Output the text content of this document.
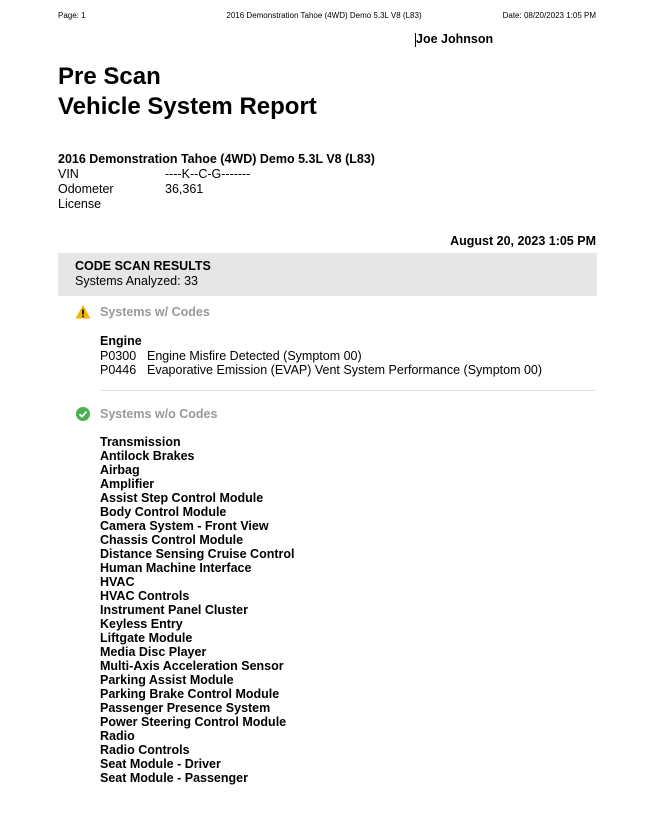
Page: 1	2016 Demonstration Tahoe (4WD) Demo 5.3L V8 (L83)	Date: 08/20/2023 1:05 PM
Joe Johnson
Pre Scan
Vehicle System Report
2016 Demonstration Tahoe (4WD) Demo 5.3L V8 (L83)
VIN	----K--C-G-------
Odometer	36,361
License
August 20, 2023 1:05 PM
CODE SCAN RESULTS
Systems Analyzed: 33
Systems w/ Codes
Engine
P0300 Engine Misfire Detected (Symptom 00)
P0446 Evaporative Emission (EVAP) Vent System Performance (Symptom 00)
Systems w/o Codes
Transmission
Antilock Brakes
Airbag
Amplifier
Assist Step Control Module
Body Control Module
Camera System - Front View
Chassis Control Module
Distance Sensing Cruise Control
Human Machine Interface
HVAC
HVAC Controls
Instrument Panel Cluster
Keyless Entry
Liftgate Module
Media Disc Player
Multi-Axis Acceleration Sensor
Parking Assist Module
Parking Brake Control Module
Passenger Presence System
Power Steering Control Module
Radio
Radio Controls
Seat Module - Driver
Seat Module - Passenger
